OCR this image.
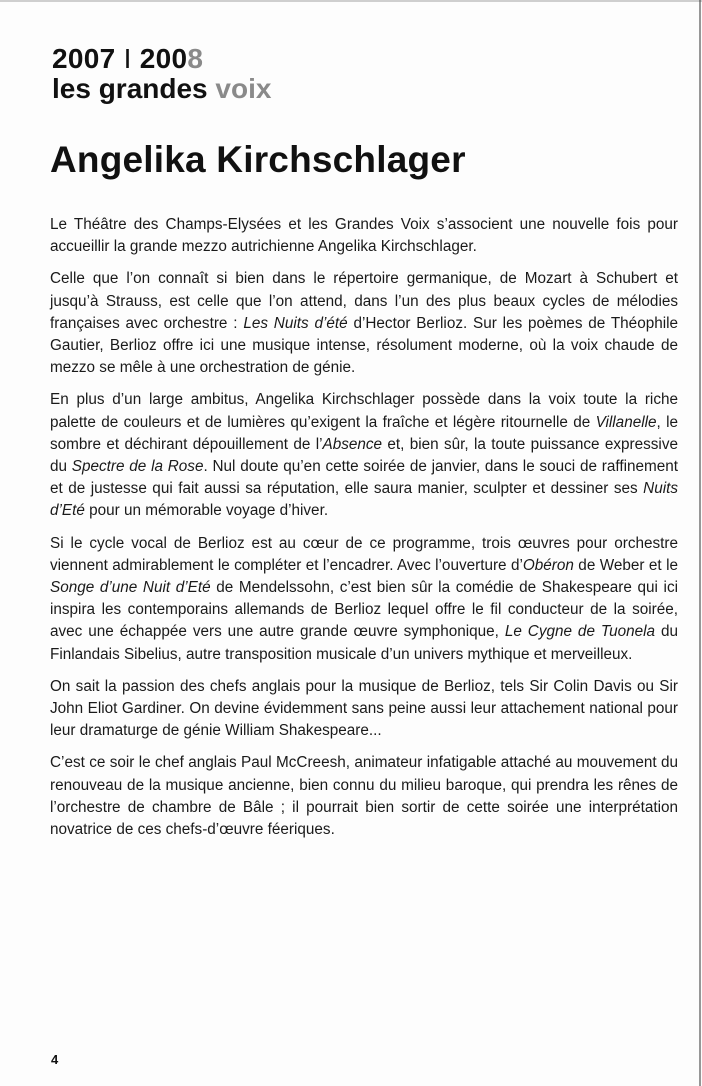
2007 I 2008
les grandes voix
Angelika Kirchschlager

Le Théâtre des Champs-Elysées et les Grandes Voix s’associent une nouvelle fois pour accueillir la grande mezzo autrichienne Angelika Kirchschlager.

Celle que l’on connaît si bien dans le répertoire germanique, de Mozart à Schubert et jusqu’à Strauss, est celle que l’on attend, dans l’un des plus beaux cycles de mélodies françaises avec orchestre : Les Nuits d’été d’Hector Berlioz. Sur les poèmes de Théophile Gautier, Berlioz offre ici une musique intense, résolument moderne, où la voix chaude de mezzo se mêle à une orchestration de génie.

En plus d’un large ambitus, Angelika Kirchschlager possède dans la voix toute la riche palette de couleurs et de lumières qu’exigent la fraîche et légère ritournelle de Villanelle, le sombre et déchirant dépouillement de l’Absence et, bien sûr, la toute puissance expressive du Spectre de la Rose. Nul doute qu’en cette soirée de janvier, dans le souci de raffinement et de justesse qui fait aussi sa réputation, elle saura manier, sculpter et dessiner ses Nuits d’Eté pour un mémorable voyage d’hiver.

Si le cycle vocal de Berlioz est au cœur de ce programme, trois œuvres pour orchestre viennent admirablement le compléter et l’encadrer. Avec l’ouverture d’Obéron de Weber et le Songe d’une Nuit d’Eté de Mendelssohn, c’est bien sûr la comédie de Shakespeare qui ici inspira les contemporains allemands de Berlioz lequel offre le fil conducteur de la soirée, avec une échappée vers une autre grande œuvre symphonique, Le Cygne de Tuonela du Finlandais Sibelius, autre transposition musicale d’un univers mythique et merveilleux.

On sait la passion des chefs anglais pour la musique de Berlioz, tels Sir Colin Davis ou Sir John Eliot Gardiner. On devine évidemment sans peine aussi leur attachement national pour leur dramaturge de génie William Shakespeare...

C’est ce soir le chef anglais Paul McCreesh, animateur infatigable attaché au mouvement du renouveau de la musique ancienne, bien connu du milieu baroque, qui prendra les rênes de l’orchestre de chambre de Bâle ; il pourrait bien sortir de cette soirée une interprétation novatrice de ces chefs-d’œuvre féeriques.

4
